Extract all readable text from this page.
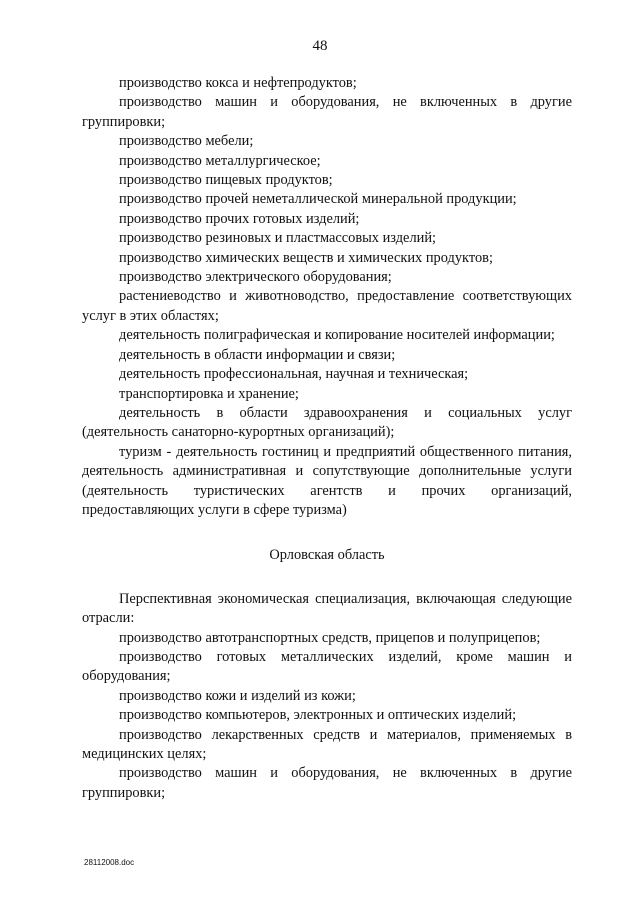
48

производство кокса и нефтепродуктов;

производство машин и оборудования, не включенных в другие группировки;

производство мебели;

производство металлургическое;

производство пищевых продуктов;

производство прочей неметаллической минеральной продукции;

производство прочих готовых изделий;

производство резиновых и пластмассовых изделий;

производство химических веществ и химических продуктов;

производство электрического оборудования;

растениеводство и животноводство, предоставление соответствующих услуг в этих областях;

деятельность полиграфическая и копирование носителей информации;

деятельность в области информации и связи;

деятельность профессиональная, научная и техническая;

транспортировка и хранение;

деятельность в области здравоохранения и социальных услуг (деятельность санаторно-курортных организаций);

туризм - деятельность гостиниц и предприятий общественного питания, деятельность административная и сопутствующие дополнительные услуги (деятельность туристических агентств и прочих организаций, предоставляющих услуги в сфере туризма)

Орловская область

Перспективная экономическая специализация, включающая следующие отрасли:

производство автотранспортных средств, прицепов и полуприцепов;

производство готовых металлических изделий, кроме машин и оборудования;

производство кожи и изделий из кожи;

производство компьютеров, электронных и оптических изделий;

производство лекарственных средств и материалов, применяемых в медицинских целях;

производство машин и оборудования, не включенных в другие группировки;

28112008.doc
